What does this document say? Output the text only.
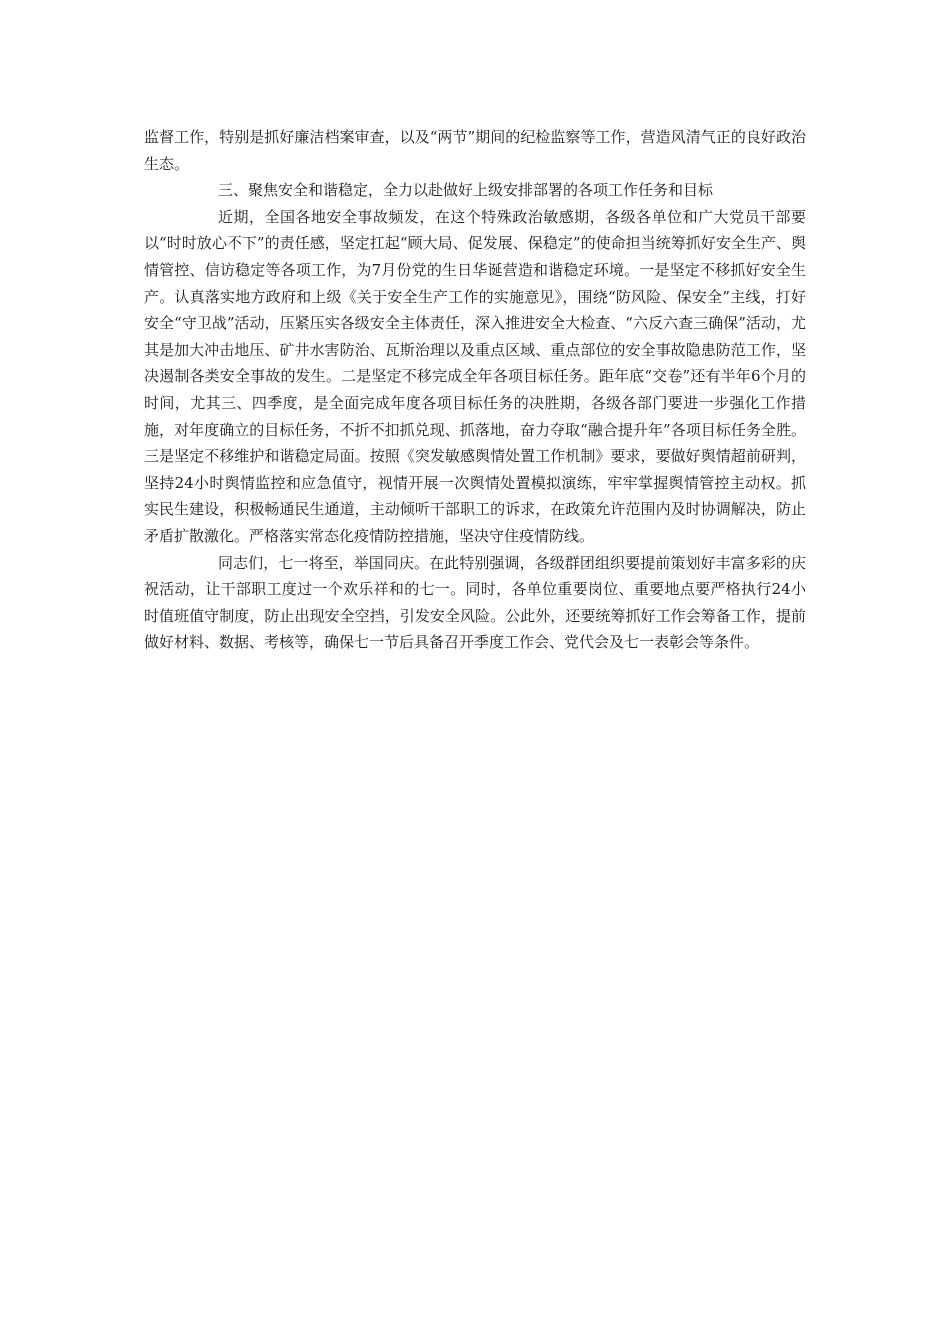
监督工作，特别是抓好廉洁档案审查，以及“两节”期间的纪检监察等工作，营造风清气正的良好政治生态。

三、聚焦安全和谐稳定，全力以赴做好上级安排部署的各项工作任务和目标

近期，全国各地安全事故频发，在这个特殊政治敏感期，各级各单位和广大党员干部要以“时时放心不下”的责任感，坚定扛起“顾大局、促发展、保稳定”的使命担当统筹抓好安全生产、舆情管控、信访稳定等各项工作，为7月份党的生日华诞营造和谐稳定环境。一是坚定不移抓好安全生产。认真落实地方政府和上级《关于安全生产工作的实施意见》，围绕“防风险、保安全”主线，打好安全“守卫战”活动，压紧压实各级安全主体责任，深入推进安全大检查、“六反六查三确保”活动，尤其是加大冲击地压、矿井水害防治、瓦斯治理以及重点区域、重点部位的安全事故隐患防范工作，坚决遏制各类安全事故的发生。二是坚定不移完成全年各项目标任务。距年底“交卷”还有半年6个月的时间，尤其三、四季度，是全面完成年度各项目标任务的决胜期，各级各部门要进一步强化工作措施，对年度确立的目标任务，不折不扣抓兑现、抓落地，奋力夺取“融合提升年”各项目标任务全胜。三是坚定不移维护和谐稳定局面。按照《突发敏感舆情处置工作机制》要求，要做好舆情超前研判，坚持24小时舆情监控和应急值守，视情开展一次舆情处置模拟演练，牢牢掌握舆情管控主动权。抓实民生建设，积极畅通民生通道，主动倾听干部职工的诉求，在政策允许范围内及时协调解决，防止矛盾扩散激化。严格落实常态化疫情防控措施，坚决守住疫情防线。

同志们，七一将至，举国同庆。在此特别强调，各级群团组织要提前策划好丰富多彩的庆祝活动，让干部职工度过一个欢乐祥和的七一。同时，各单位重要岗位、重要地点要严格执行24小时值班值守制度，防止出现安全空挡，引发安全风险。公此外，还要统筹抓好工作会筹备工作，提前做好材料、数据、考核等，确保七一节后具备召开季度工作会、党代会及七一表彰会等条件。
